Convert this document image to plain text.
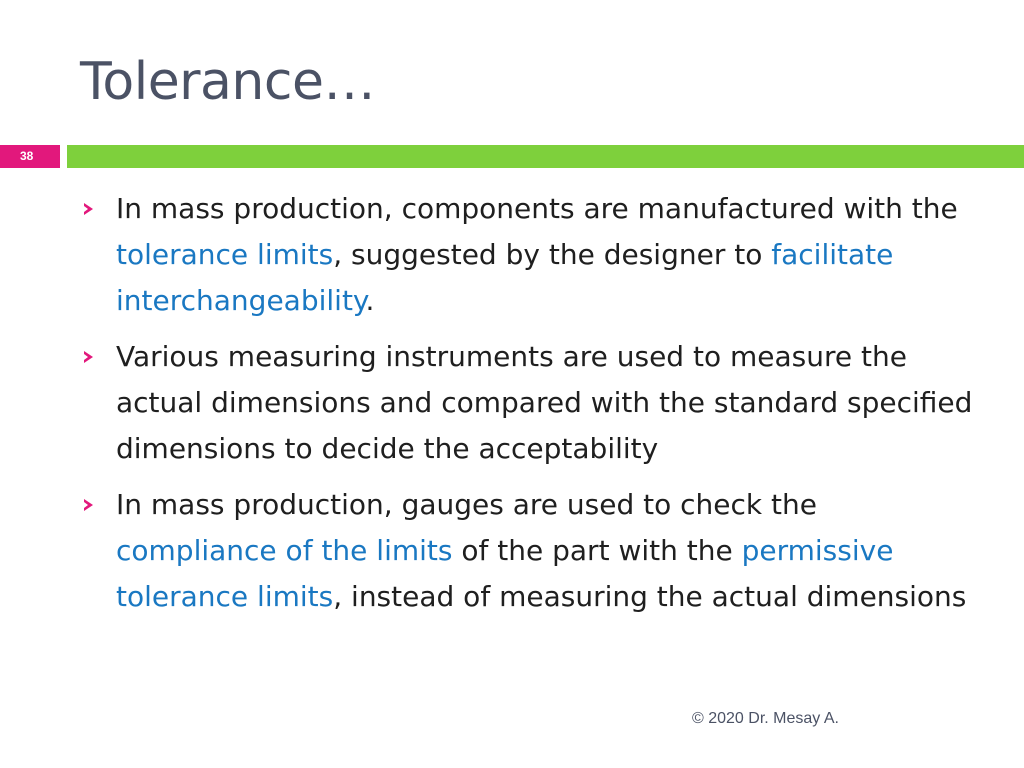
Tolerance…
38
In mass production, components are manufactured with the tolerance limits, suggested by the designer to facilitate interchangeability.
Various measuring instruments are used to measure the actual dimensions and compared with the standard specified dimensions to decide the acceptability
In mass production, gauges are used to check the compliance of the limits of the part with the permissive tolerance limits, instead of measuring the actual dimensions
© 2020 Dr. Mesay A.
